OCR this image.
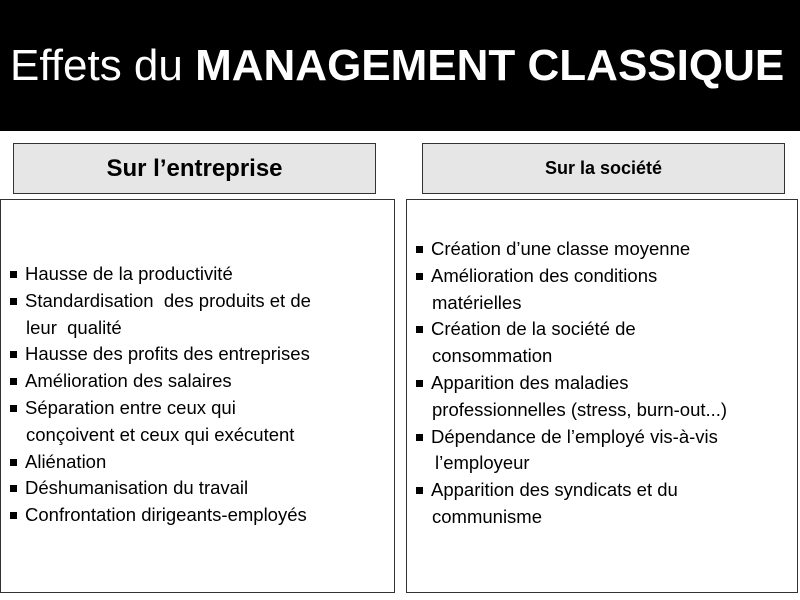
Effets du MANAGEMENT CLASSIQUE
Sur l’entreprise	Sur la société
Hausse de la productivité
Standardisation  des produits et de
leur  qualité
Hausse des profits des entreprises
Amélioration des salaires
Séparation entre ceux qui
conçoivent et ceux qui exécutent
Aliénation
Déshumanisation du travail
Confrontation dirigeants-employés
Création d’une classe moyenne
Amélioration des conditions
matérielles
Création de la société de
consommation
Apparition des maladies
professionnelles (stress, burn-out...)
Dépendance de l’employé vis-à-vis
l’employeur
Apparition des syndicats et du
communisme
